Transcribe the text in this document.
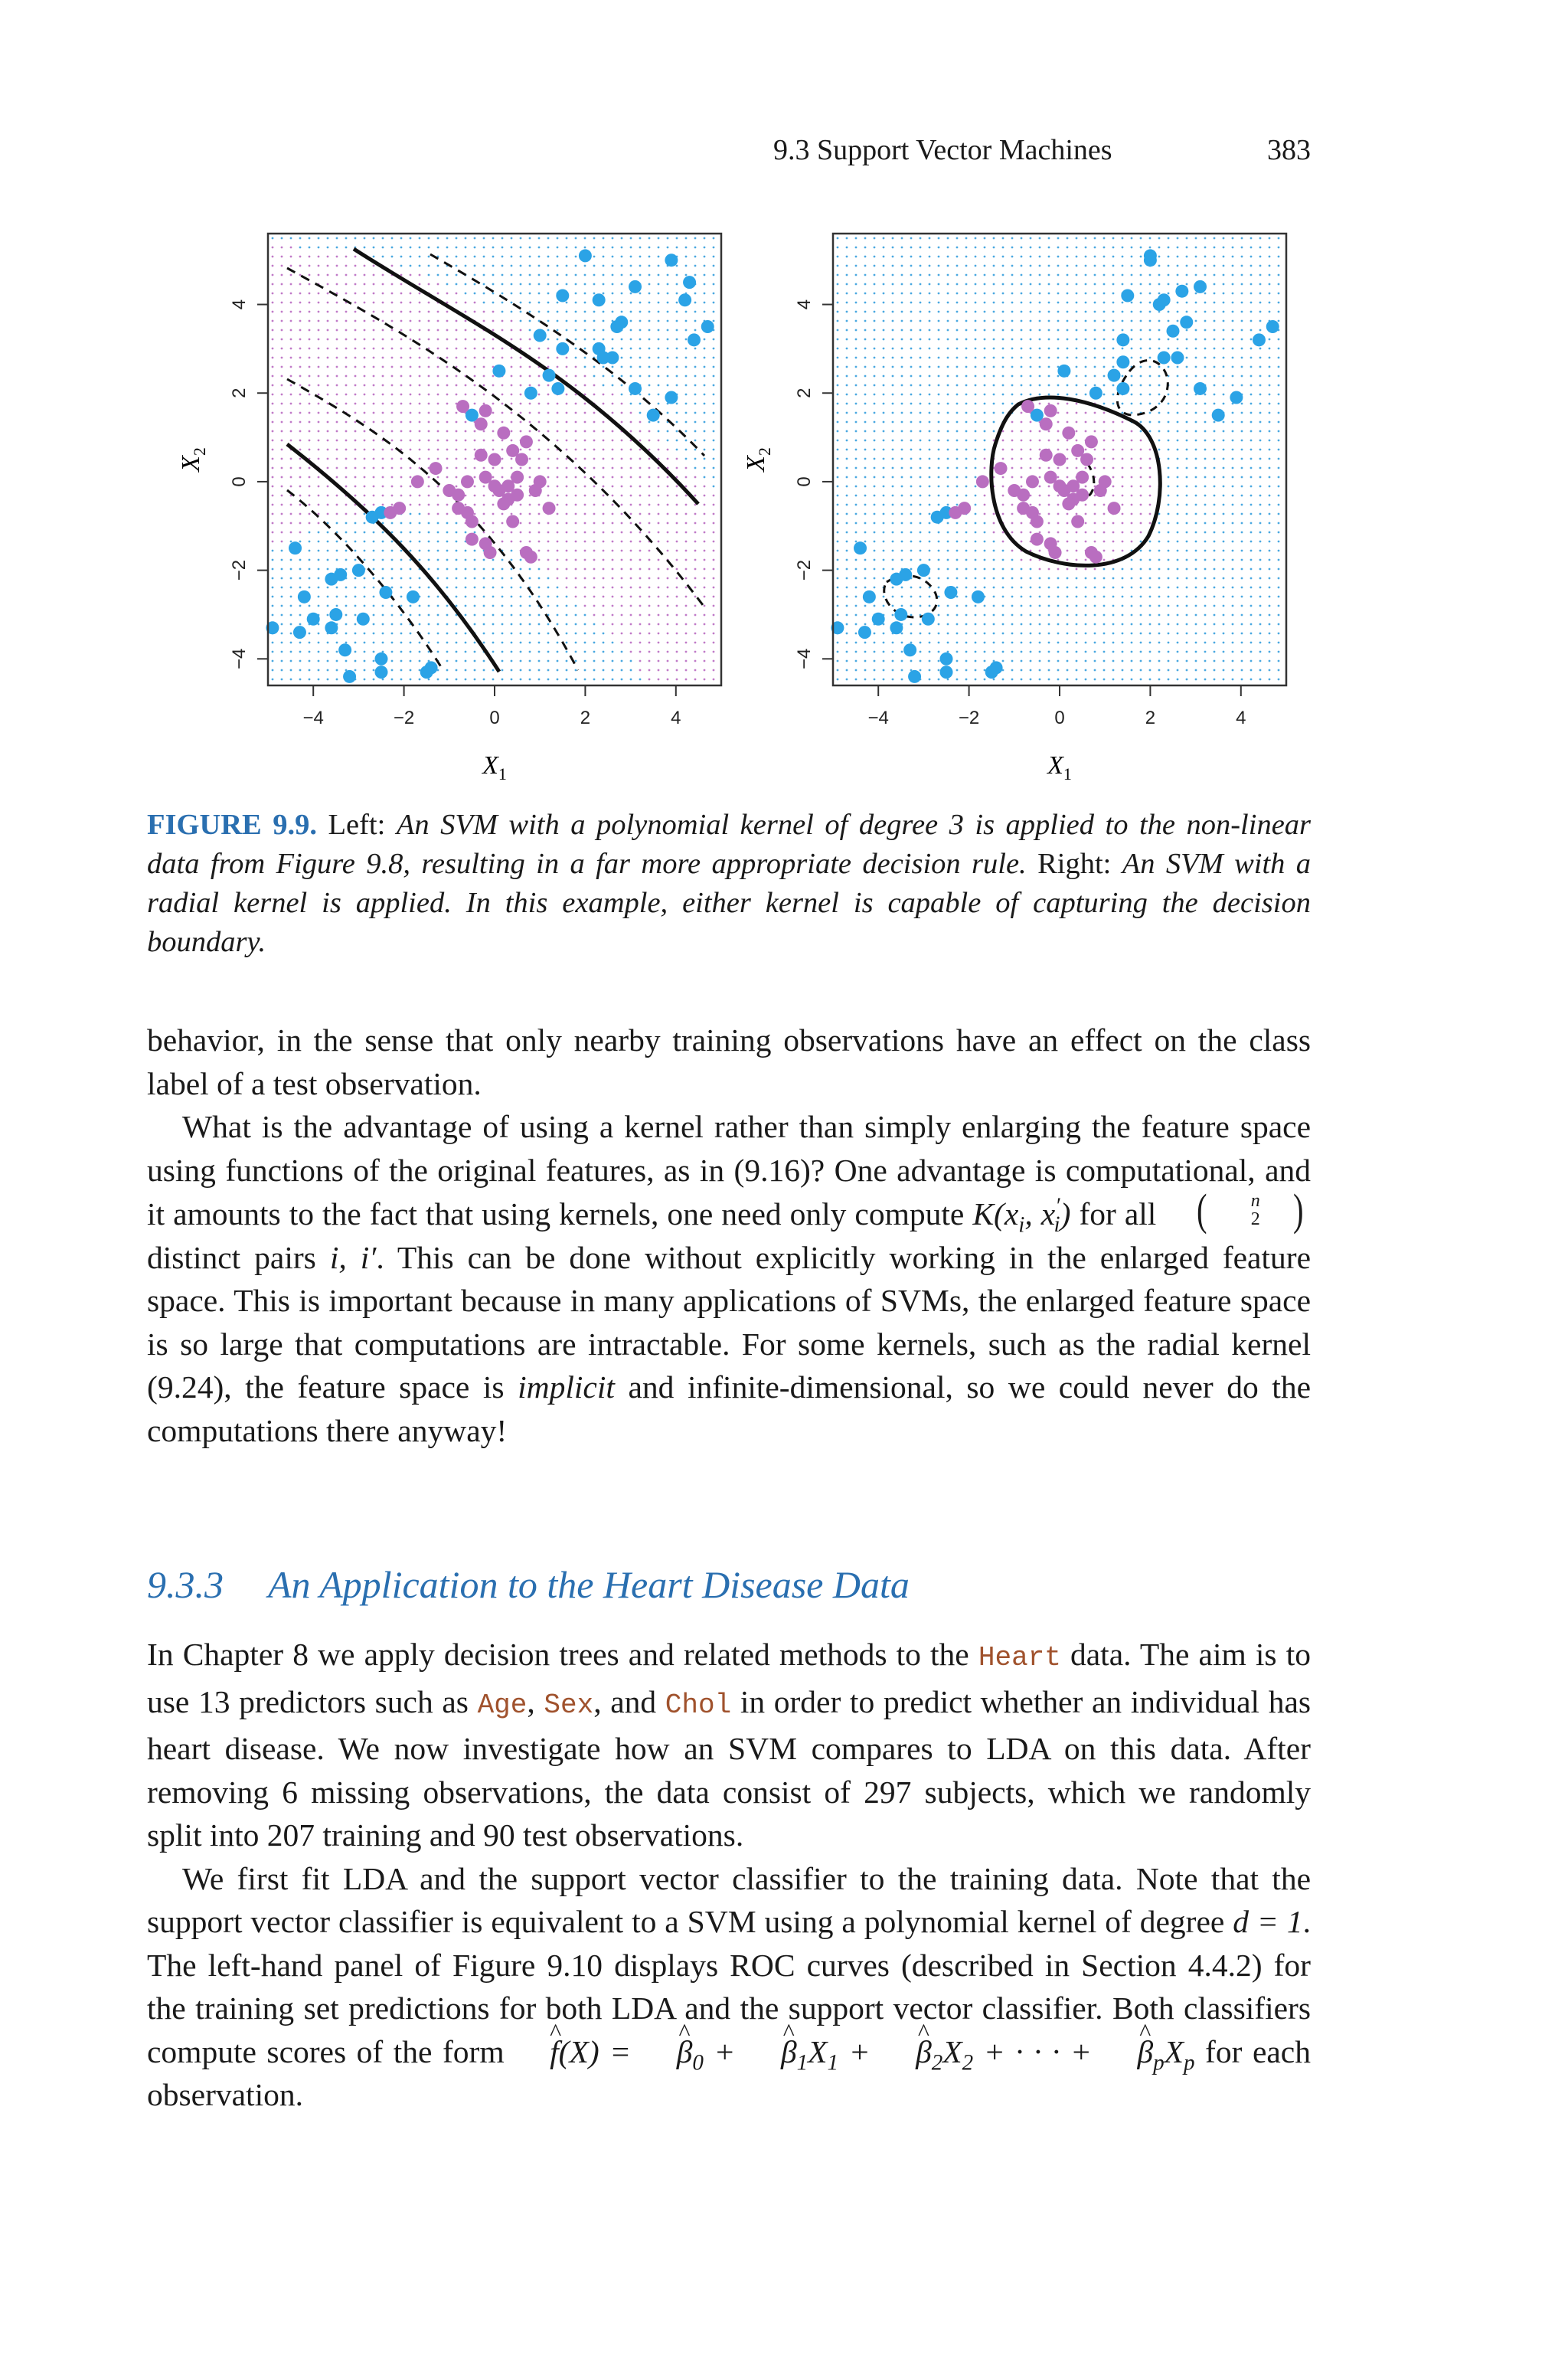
9.3 Support Vector Machines	383
−4
−4
−2
−2
0
0
2
2
4
4
$X_1$
$X_2$
−4
−4
−2
−2
0
0
2
2
4
4
$X_1$
$X_2$
FIGURE 9.9. Left: An SVM with a polynomial kernel of degree 3 is applied to the non-linear data from Figure 9.8, resulting in a far more appropriate decision rule. Right: An SVM with a radial kernel is applied. In this example, either kernel is capable of capturing the decision boundary.

behavior, in the sense that only nearby training observations have an effect on the class label of a test observation.

What is the advantage of using a kernel rather than simply enlarging the feature space using functions of the original features, as in (9.16)? One advantage is computational, and it amounts to the fact that using kernels, one need only compute $K(x_i$, $x'_i$) for all (	n
2 )
distinct pairs i, i′. This can be done without explicitly working in the enlarged feature space. This is important because in many applications of SVMs, the enlarged feature space is so large that computations are intractable. For some kernels, such as the radial kernel (9.24), the feature space is implicit and infinite-dimensional, so we could never do the computations there anyway!

9.3.3 An Application to the Heart Disease Data

In Chapter 8 we apply decision trees and related methods to the Heart data. The aim is to use 13 predictors such as Age, Sex, and Chol in order to predict whether an individual has heart disease. We now investigate how an SVM compares to LDA on this data. After removing 6 missing observations, the data consist of 297 subjects, which we randomly split into 207 training and 90 test observations.

We first fit LDA and the support vector classifier to the training data. Note that the support vector classifier is equivalent to a SVM using a polynomial kernel of degree d = 1. The left-hand panel of Figure 9.10 displays ROC curves (described in Section 4.4.2) for the training set predictions for both LDA and the support vector classifier. Both classifiers compute scores of the form ^ f(X) = ^ $\beta_0$ + ^ $\beta_1X_1$ + ^ $\beta_2X_2$ + · · · + ^ $\beta_pX_p$ for each observation.
